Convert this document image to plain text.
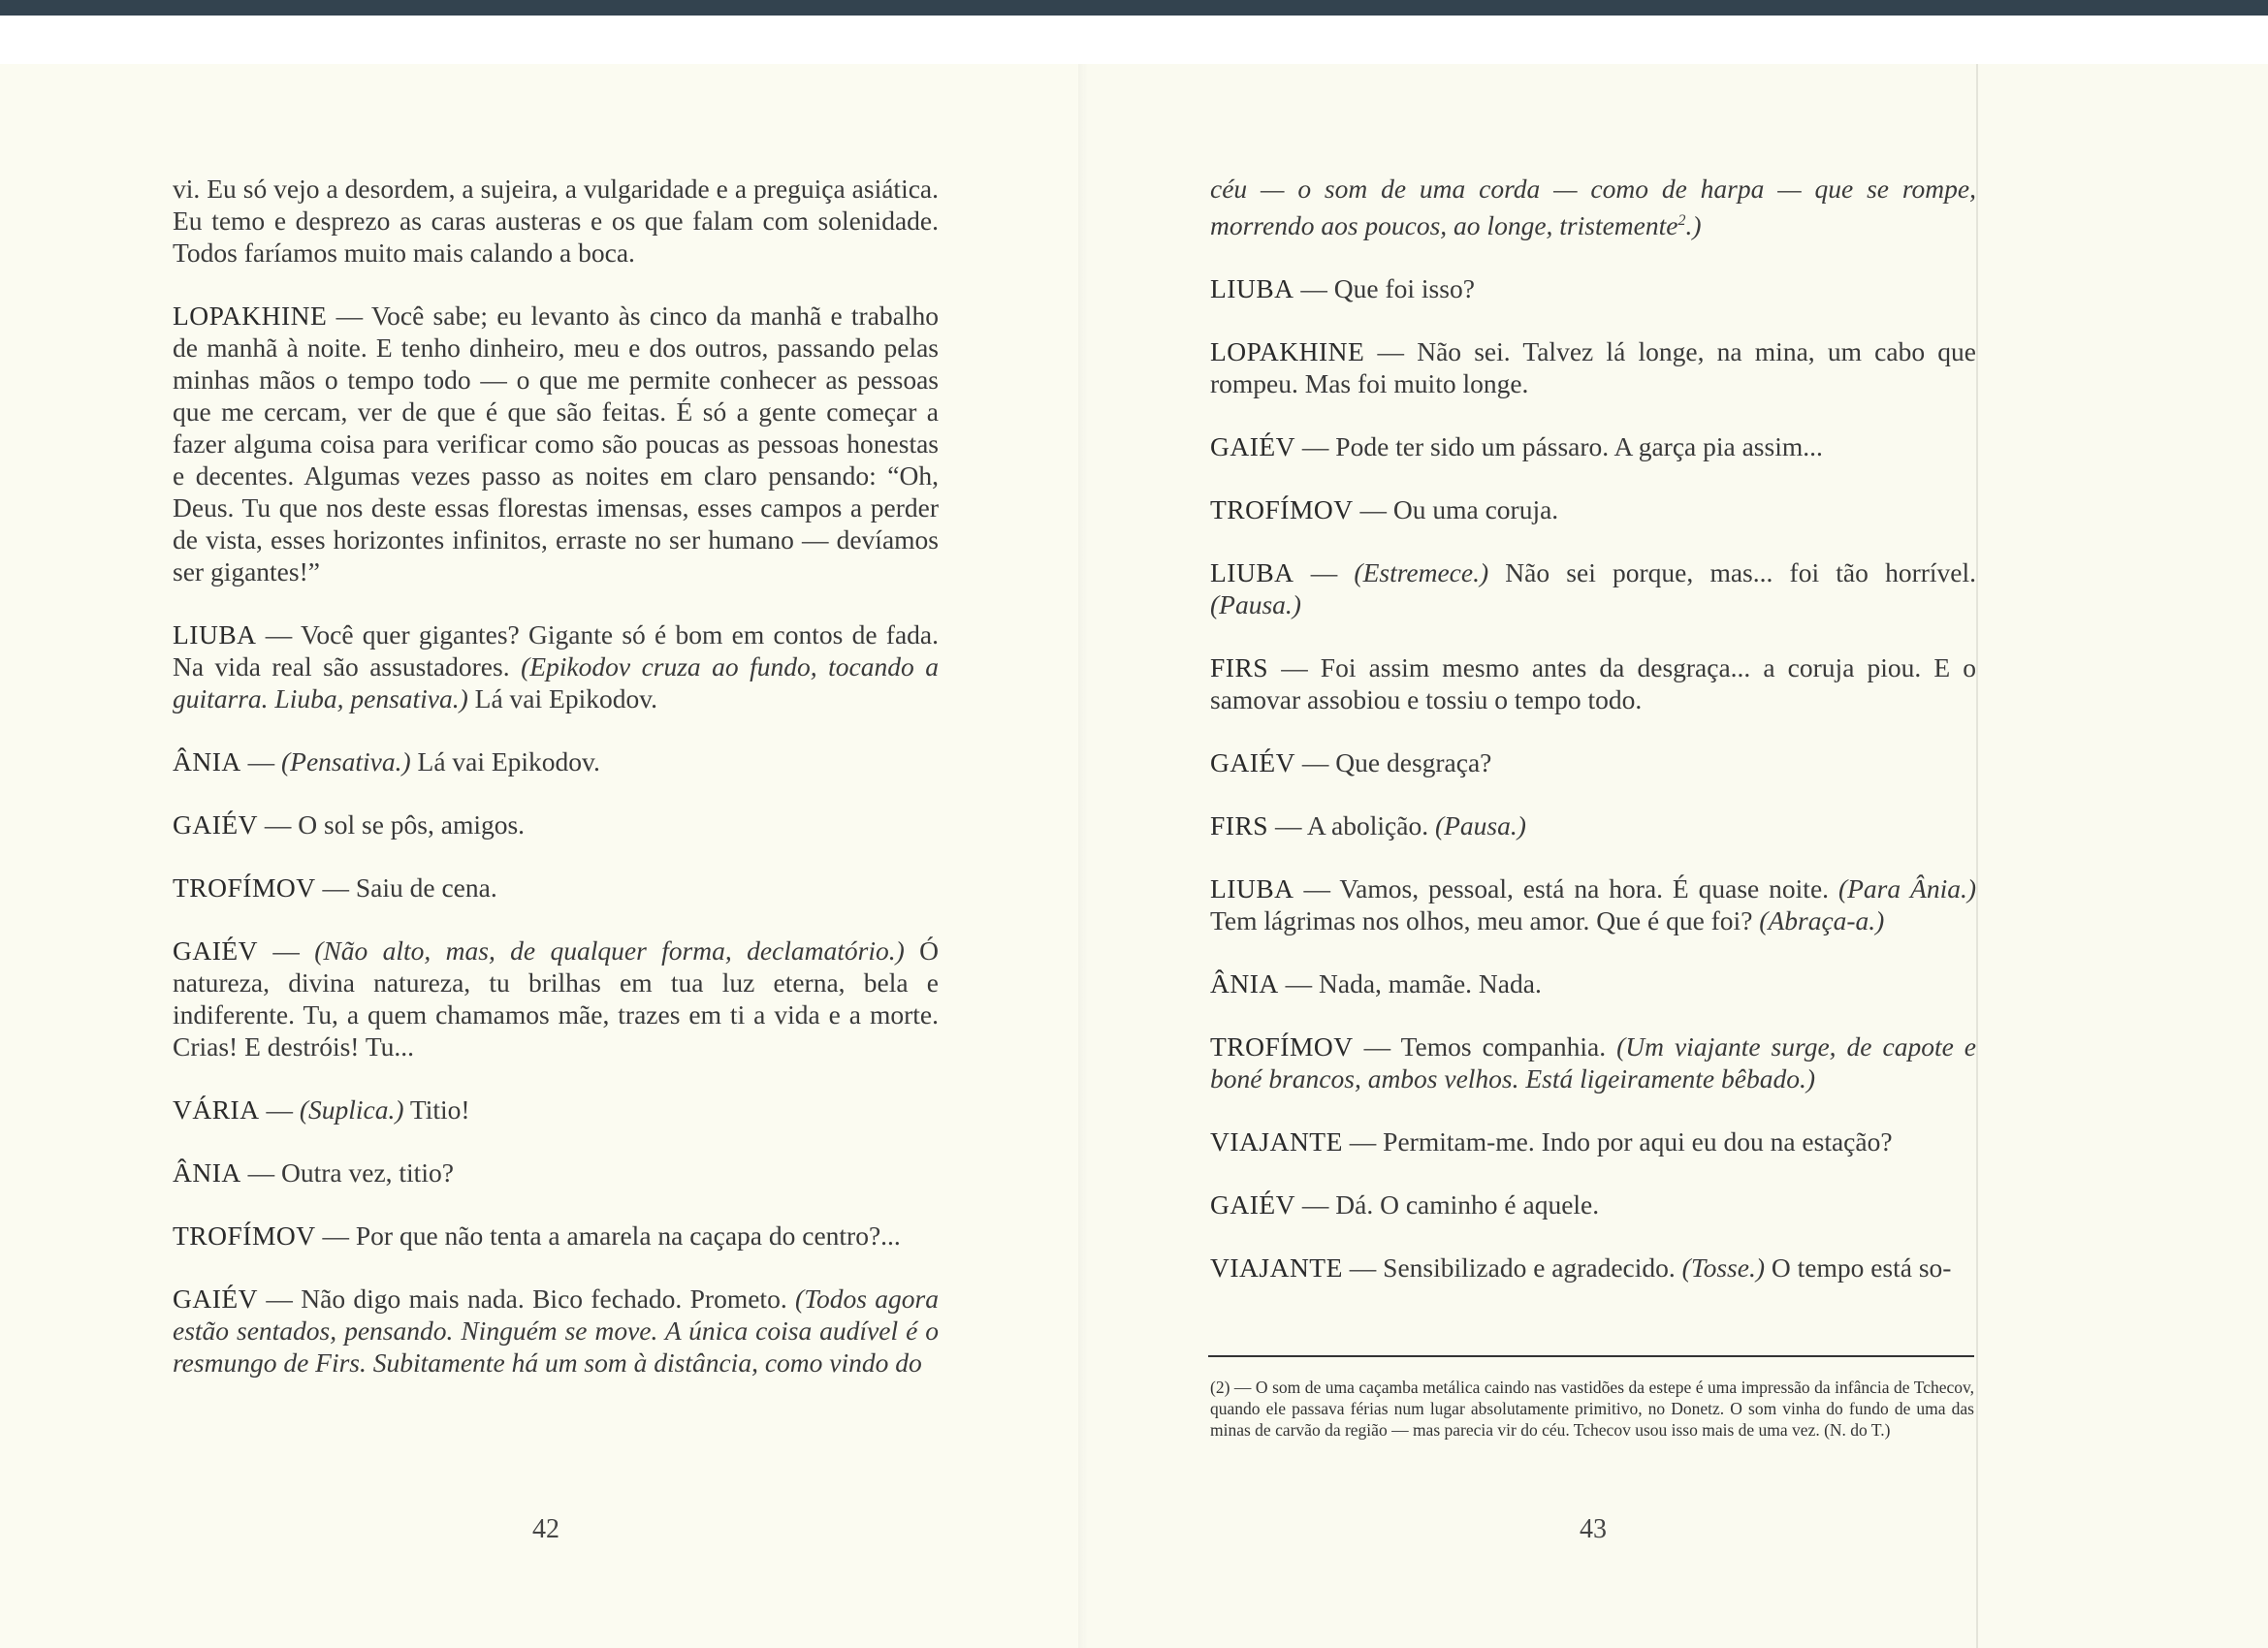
vi. Eu só vejo a desordem, a sujeira, a vulgaridade e a preguiça asiática. Eu temo e desprezo as caras austeras e os que falam com solenidade. Todos faríamos muito mais calando a boca.

LOPAKHINE — Você sabe; eu levanto às cinco da manhã e trabalho de manhã à noite. E tenho dinheiro, meu e dos outros, passando pelas minhas mãos o tempo todo — o que me permite conhecer as pessoas que me cercam, ver de que é que são feitas. É só a gente começar a fazer alguma coisa para verificar como são poucas as pessoas honestas e decentes. Algumas vezes passo as noites em claro pensando: “Oh, Deus. Tu que nos deste essas florestas imensas, esses campos a perder de vista, esses horizontes infinitos, erraste no ser humano — devíamos ser gigantes!”

LIUBA — Você quer gigantes? Gigante só é bom em contos de fada. Na vida real são assustadores. (Epikodov cruza ao fundo, tocando a guitarra. Liuba, pensativa.) Lá vai Epikodov.

ÂNIA — (Pensativa.) Lá vai Epikodov.

GAIÉV — O sol se pôs, amigos.

TROFÍMOV — Saiu de cena.

GAIÉV — (Não alto, mas, de qualquer forma, declamatório.) Ó natureza, divina natureza, tu brilhas em tua luz eterna, bela e indiferente. Tu, a quem chamamos mãe, trazes em ti a vida e a morte. Crias! E destróis! Tu...

VÁRIA — (Suplica.) Titio!

ÂNIA — Outra vez, titio?

TROFÍMOV — Por que não tenta a amarela na caçapa do centro?...

GAIÉV — Não digo mais nada. Bico fechado. Prometo. (Todos agora estão sentados, pensando. Ninguém se move. A única coisa audível é o resmungo de Firs. Subitamente há um som à distância, como vindo do

céu — o som de uma corda — como de harpa — que se rompe, morrendo aos poucos, ao longe, tristemente$^2$.)

LIUBA — Que foi isso?

LOPAKHINE — Não sei. Talvez lá longe, na mina, um cabo que rompeu. Mas foi muito longe.

GAIÉV — Pode ter sido um pássaro. A garça pia assim...

TROFÍMOV — Ou uma coruja.

LIUBA — (Estremece.) Não sei porque, mas... foi tão horrível. (Pausa.)

FIRS — Foi assim mesmo antes da desgraça... a coruja piou. E o samovar assobiou e tossiu o tempo todo.

GAIÉV — Que desgraça?

FIRS — A abolição. (Pausa.)

LIUBA — Vamos, pessoal, está na hora. É quase noite. (Para Ânia.) Tem lágrimas nos olhos, meu amor. Que é que foi? (Abraça-a.)

ÂNIA — Nada, mamãe. Nada.

TROFÍMOV — Temos companhia. (Um viajante surge, de capote e boné brancos, ambos velhos. Está ligeiramente bêbado.)

VIAJANTE — Permitam-me. Indo por aqui eu dou na estação?

GAIÉV — Dá. O caminho é aquele.

VIAJANTE — Sensibilizado e agradecido. (Tosse.) O tempo está so-

(2) — O som de uma caçamba metálica caindo nas vastidões da estepe é uma impressão da infância de Tchecov, quando ele passava férias num lugar absolutamente primitivo, no Donetz. O som vinha do fundo de uma das minas de carvão da região — mas parecia vir do céu. Tchecov usou isso mais de uma vez. (N. do T.)
42	43
